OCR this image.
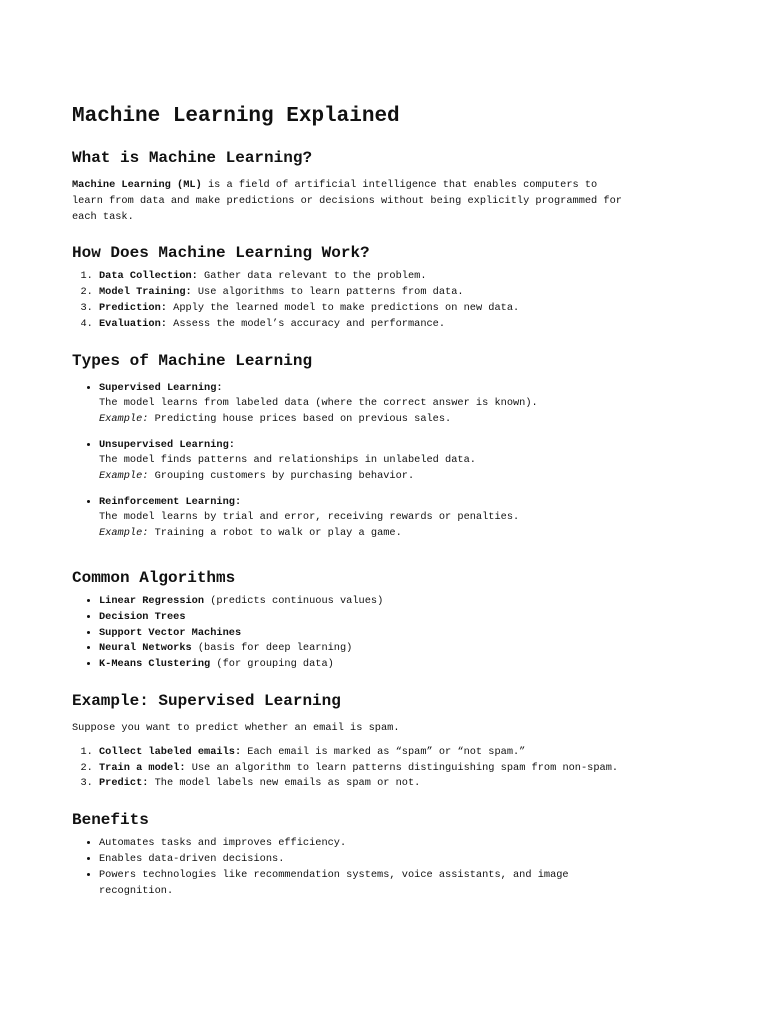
Machine Learning Explained
What is Machine Learning?

Machine Learning (ML) is a field of artificial intelligence that enables computers to learn from data and make predictions or decisions without being explicitly programmed for each task.

How Does Machine Learning Work?
1. Data Collection: Gather data relevant to the problem.
2. Model Training: Use algorithms to learn patterns from data.
3. Prediction: Apply the learned model to make predictions on new data.
4. Evaluation: Assess the model’s accuracy and performance.
Types of Machine Learning
• Supervised Learning:
The model learns from labeled data (where the correct answer is known).
Example: Predicting house prices based on previous sales.
• Unsupervised Learning:
The model finds patterns and relationships in unlabeled data.
Example: Grouping customers by purchasing behavior.
• Reinforcement Learning:
The model learns by trial and error, receiving rewards or penalties.
Example: Training a robot to walk or play a game.
Common Algorithms
• Linear Regression (predicts continuous values)
• Decision Trees
• Support Vector Machines
• Neural Networks (basis for deep learning)
• K-Means Clustering (for grouping data)
Example: Supervised Learning

Suppose you want to predict whether an email is spam.

1. Collect labeled emails: Each email is marked as “spam” or “not spam.”
2. Train a model: Use an algorithm to learn patterns distinguishing spam from non-spam.
3. Predict: The model labels new emails as spam or not.
Benefits
• Automates tasks and improves efficiency.
• Enables data-driven decisions.
• Powers technologies like recommendation systems, voice assistants, and image recognition.
